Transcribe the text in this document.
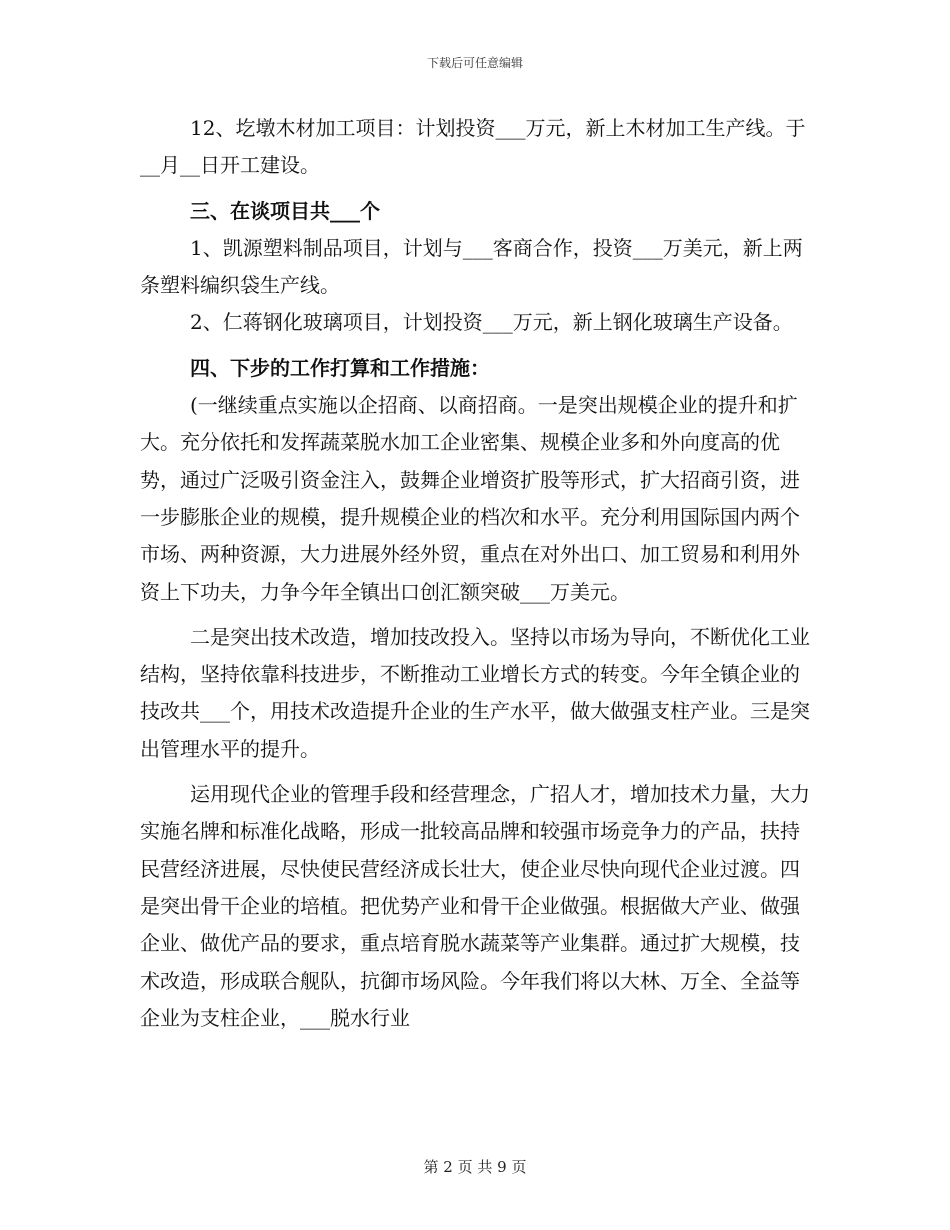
下载后可任意编辑

12、圪墩木材加工项目：计划投资___万元，新上木材加工生产线。于__月__日开工建设。

三、在谈项目共___个

1、凯源塑料制品项目，计划与___客商合作，投资___万美元，新上两条塑料编织袋生产线。

2、仁蒋钢化玻璃项目，计划投资___万元，新上钢化玻璃生产设备。

四、下步的工作打算和工作措施：

(一继续重点实施以企招商、以商招商。一是突出规模企业的提升和扩大。充分依托和发挥蔬菜脱水加工企业密集、规模企业多和外向度高的优势，通过广泛吸引资金注入，鼓舞企业增资扩股等形式，扩大招商引资，进一步膨胀企业的规模，提升规模企业的档次和水平。充分利用国际国内两个市场、两种资源，大力进展外经外贸，重点在对外出口、加工贸易和利用外资上下功夫，力争今年全镇出口创汇额突破___万美元。

二是突出技术改造，增加技改投入。坚持以市场为导向，不断优化工业结构，坚持依靠科技进步，不断推动工业增长方式的转变。今年全镇企业的技改共___个，用技术改造提升企业的生产水平，做大做强支柱产业。三是突出管理水平的提升。

运用现代企业的管理手段和经营理念，广招人才，增加技术力量，大力实施名牌和标准化战略，形成一批较高品牌和较强市场竞争力的产品，扶持民营经济进展，尽快使民营经济成长壮大，使企业尽快向现代企业过渡。四是突出骨干企业的培植。把优势产业和骨干企业做强。根据做大产业、做强企业、做优产品的要求，重点培育脱水蔬菜等产业集群。通过扩大规模，技术改造，形成联合舰队，抗御市场风险。今年我们将以大林、万全、全益等企业为支柱企业，___脱水行业

第 2 页 共 9 页
